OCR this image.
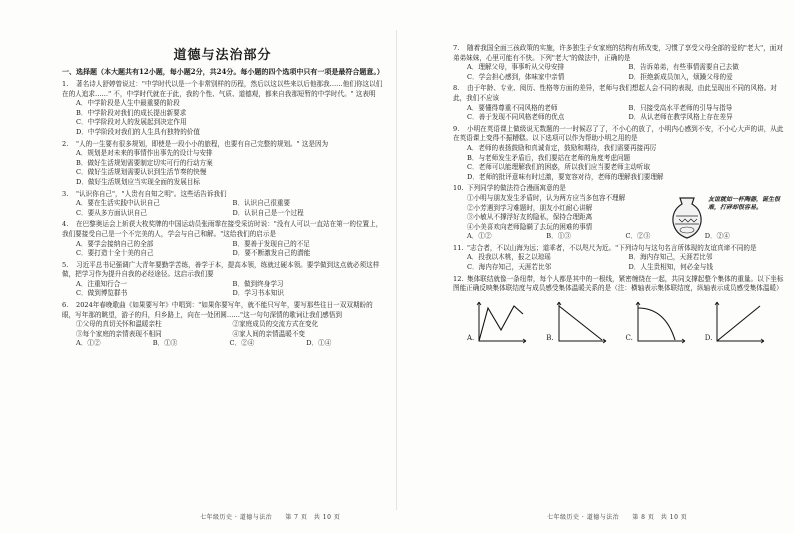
道德与法治部分
一、选择题（本大题共有12小题，每小题2分，共24分。每小题的四个选项中只有一项是最符合题意。）

1. 著名诗人舒婷曾说过："中学时代以是一个非常别样的历程，然后以这以些来以后他那我……他们你这以们在的人追求……" 不，中学时代就在于此，我的个性、气质、道德观，都来自我那短暂的中学时代。" 这表明

A．中学阶段是人生中最重要的阶段
B．中学阶段对我们的成长提出新要求
C．中学阶段对人的发展起到决定作用
D．中学阶段对我们的人生具有独特的价值

2. "人的一生要有很多规划，即使是一段小小的旅程，也要有自己完整的规划。" 这是因为

A．规划是对未来的事情作出事先的设计与安排
B．做好生活规划需要制定切实可行的行动方案
C．做好生活规划需要认识到生活节奏的快慢
D．做好生活规划应当实现全面的发展目标

3. "认识你自己"，"人贵有自知之明"。这些话告诉我们

A．要在生活实践中认识自己	B．认识自己很重要
C．要从多方面认识自己	D．认识自己是一个过程

4. 在巴黎奥运会上斩获大枚奖牌的中国运动员张雨霏在接受采访时说："没有人可以一直站在第一的位置上，我们要接受自己是一个不完美的人，学会与自己和解。"这给我们的启示是

A．要学会接纳自己的全部	B．要善于发现自己的不足
C．要打造十全十美的自己	D．要不断激发自己的潜能

5. 习近平总书记强调广大青年要勤学苦练，善学于本，提高本领，练就过硬本领。要学做到这点就必须这样做，把学习作为提升自我的必经途径。这启示我们要

A．注重知行合一	B．做到终身学习
C．做到博览群书	D．学习书本知识

6. 2024年春晚歌曲《如果要写年》中唱到："如果你要写年，就不能只写年，要写那些往日一双双期盼的眼，写年那的眺望，游子的归，归乡路上，向在一处团圆……"这一句句深情的歌词让我们感悟到

①父母的真切关怀和温暖亲柱	②家庭成员的交流方式在变化
③每个家庭的亲情表现不相同	④家人间的亲情温暖不变
A．①②	B．①③	C．②④	D．①④
七年级历史 · 道德与法治　　第 7 页　共 10 页

7. 随着我国全面三孩政策的实施，许多独生子女家庭的结构有所改变，习惯了享受父母全部的爱的"老大"，面对弟弟妹妹，心里可能有不快。下列"老大"的做法中，正确的是

A．理解父母，事事听从父母安排	B．告诉弟弟，有些事情需要自己去做
C．学会担心感到，体味家中亲情	D．拒绝新成员加入，烦躁父母的爱

8. 由于年龄、专业、阅历、性格等方面的差异，老师与我们想起人会不同的表现，由此呈现出不同的风格。对此，我们不应该

A．要懂得尊重不同风格的老师	B．只接受高水平老师的引导与指导
C．善于发现不同风格老师的优点	D．从认老师在教学风格上存在差异

9. 小明在英语课上做级说无数题的一一时候忍了了，不小心的放了，小明内心感到不安，不小心大声的讲，从此在英语课上变得不振糟糕。以下选项可以作为帮助小明之用的是

A．老师的表扬鼓励和真诚肯定，鼓励和期待，我们需要再接再厉
B．与老师发生矛盾后，我们要站在老师的角度考虑问题
C．老师可以能理解我们的困惑，所以我们应当要老师主动听取
D．老师的批评意味有时过激，要宽容对待，老师的理解我们要理解

10. 下列同学的做法符合漫画寓意的是

①小明与朋友发生矛盾时，认为两方应当多包容不理解
②小芳遇到学习难题时，朋友小红耐心讲解
③小敏从不撑浮好友的隐私，保持合理距离
④小美喜欢向老师隐瞒了去玩的困难的事情
友谊就如一杯陶器，诞生很难，打碎却很容易。
A．①②	B．①③	C．②③	D．②④

11. "志合者，不以山海为远；道乖者，不以咫尺为近。"下列诗句与这句名言所体现的友谊真谛不同的是

A．投我以木桃，报之以琼瑶	B．海内存知己，天涯若比邻
C．海内存知己，天涯若比邻	D．人生贵相知，何必金与钱

12. 集体联结就像一条纽带，每个人都是其中的一根线，紧密缠绕在一起，共同支撑起整个集体的重量。以下坐标图能正确反映集体联结度与成员感受集体温暖关系的是（注：横轴表示集体联结度，纵轴表示成员感受集体温暖）

A.	B.	C.	D.
七年级历史 · 道德与法治　　第 8 页　共 10 页
